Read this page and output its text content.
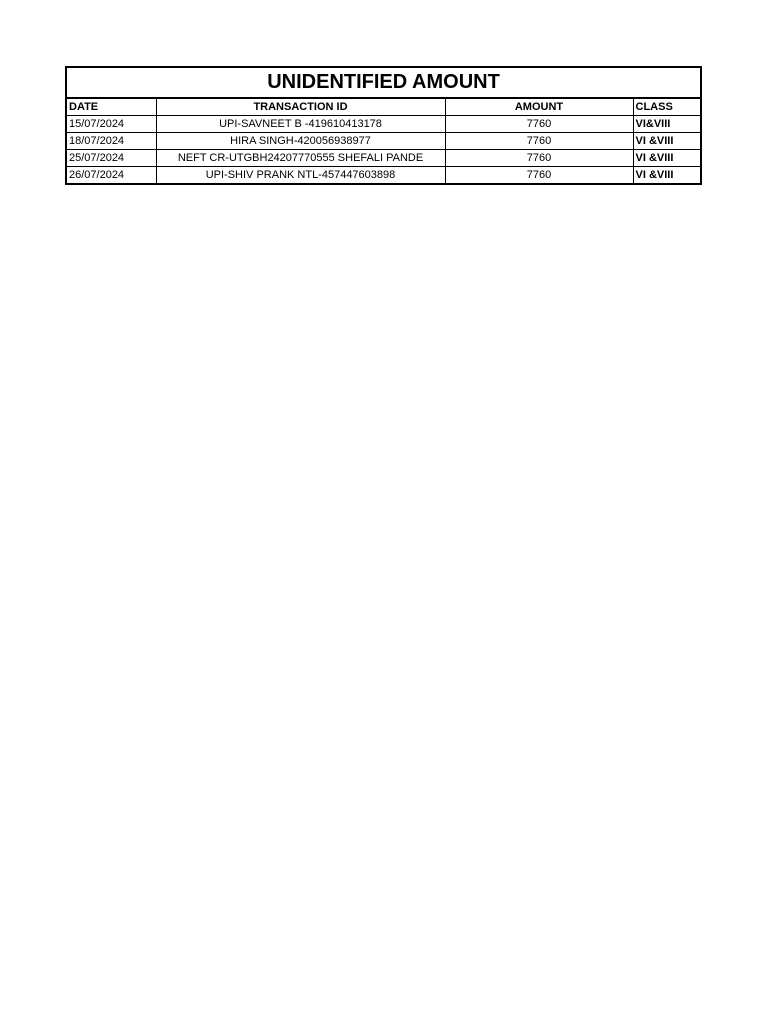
UNIDENTIFIED AMOUNT			
DATE	TRANSACTION ID	AMOUNT	CLASS
15/07/2024	UPI-SAVNEET B -419610413178	7760	VI&VIII
18/07/2024	HIRA SINGH-420056938977	7760	VI &VIII
25/07/2024	NEFT CR-UTGBH24207770555 SHEFALI PANDE	7760	VI &VIII
26/07/2024	UPI-SHIV PRANK NTL-457447603898	7760	VI &VIII
